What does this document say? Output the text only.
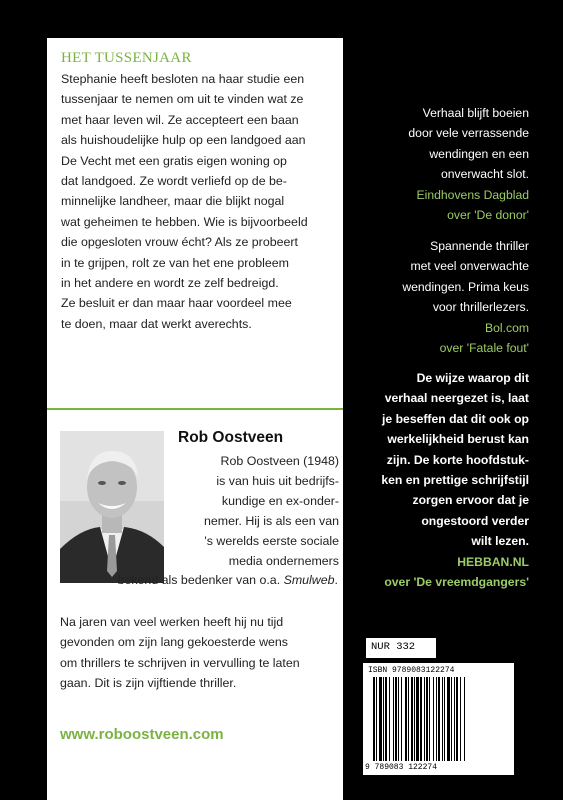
HET TUSSENJAAR

Stephanie heeft besloten na haar studie een
tussenjaar te nemen om uit te vinden wat ze
met haar leven wil. Ze accepteert een baan
als huishoudelijke hulp op een landgoed aan
De Vecht met een gratis eigen woning op
dat landgoed. Ze wordt verliefd op de be-
minnelijke landheer, maar die blijkt nogal
wat geheimen te hebben. Wie is bijvoorbeeld
die opgesloten vrouw écht? Als ze probeert
in te grijpen, rolt ze van het ene probleem
in het andere en wordt ze zelf bedreigd.
Ze besluit er dan maar haar voordeel mee
te doen, maar dat werkt averechts.

Rob Oostveen

Rob Oostveen (1948)
is van huis uit bedrijfs-
kundige en ex-onder-
nemer. Hij is als een van
's werelds eerste sociale
media ondernemers

bekend als bedenker van o.a. Smulweb.

Na jaren van veel werken heeft hij nu tijd
gevonden om zijn lang gekoesterde wens
om thrillers te schrijven in vervulling te laten
gaan. Dit is zijn vijftiende thriller.

www.roboostveen.com

Verhaal blijft boeien

door vele verrassende

wendingen en een

onverwacht slot.

Eindhovens Dagblad

over 'De donor'

Spannende thriller

met veel onverwachte

wendingen. Prima keus

voor thrillerlezers.

Bol.com

over 'Fatale fout'

De wijze waarop dit

verhaal neergezet is, laat

je beseffen dat dit ook op

werkelijkheid berust kan

zijn. De korte hoofdstuk-

ken en prettige schrijfstijl

zorgen ervoor dat je

ongestoord verder

wilt lezen.

HEBBAN.NL

over 'De vreemdgangers'

NUR 332
ISBN 9789083122274
9 789083 122274
